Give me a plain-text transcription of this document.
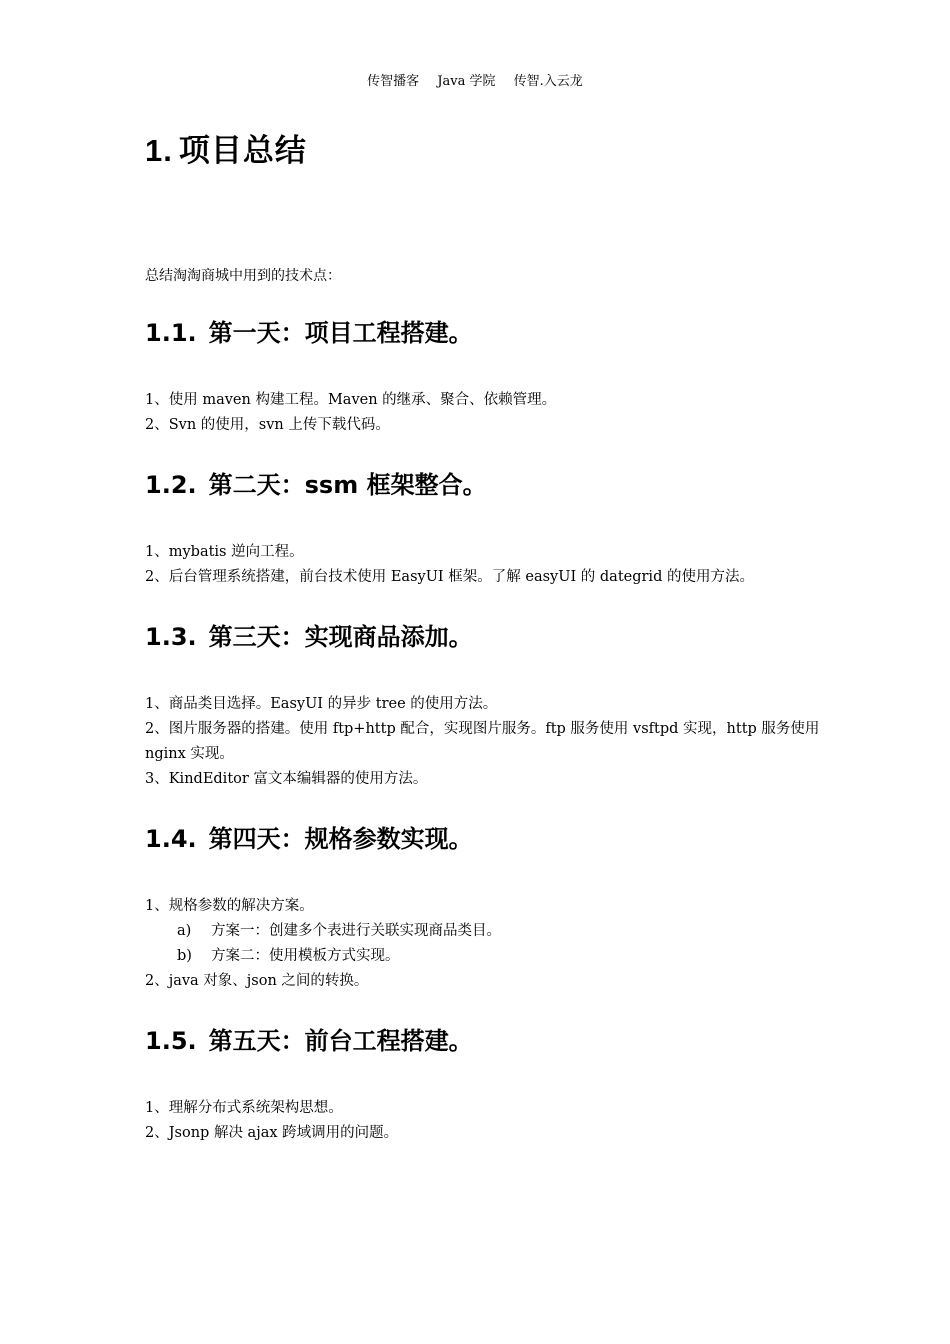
传智播客 Java 学院 传智.入云龙
1. 项目总结
总结淘淘商城中用到的技术点：
1.1. 第一天：项目工程搭建。
1、使用 maven 构建工程。Maven 的继承、聚合、依赖管理。
2、Svn 的使用，svn 上传下载代码。
1.2. 第二天：ssm 框架整合。
1、mybatis 逆向工程。
2、后台管理系统搭建，前台技术使用 EasyUI 框架。了解 easyUI 的 dategrid 的使用方法。
1.3. 第三天：实现商品添加。
1、商品类目选择。EasyUI 的异步 tree 的使用方法。
2、图片服务器的搭建。使用 ftp+http 配合，实现图片服务。ftp 服务使用 vsftpd 实现，http 服务使用 nginx 实现。
3、KindEditor 富文本编辑器的使用方法。
1.4. 第四天：规格参数实现。
1、规格参数的解决方案。
a) 方案一：创建多个表进行关联实现商品类目。
b) 方案二：使用模板方式实现。
2、java 对象、json 之间的转换。
1.5. 第五天：前台工程搭建。
1、理解分布式系统架构思想。
2、Jsonp 解决 ajax 跨域调用的问题。
